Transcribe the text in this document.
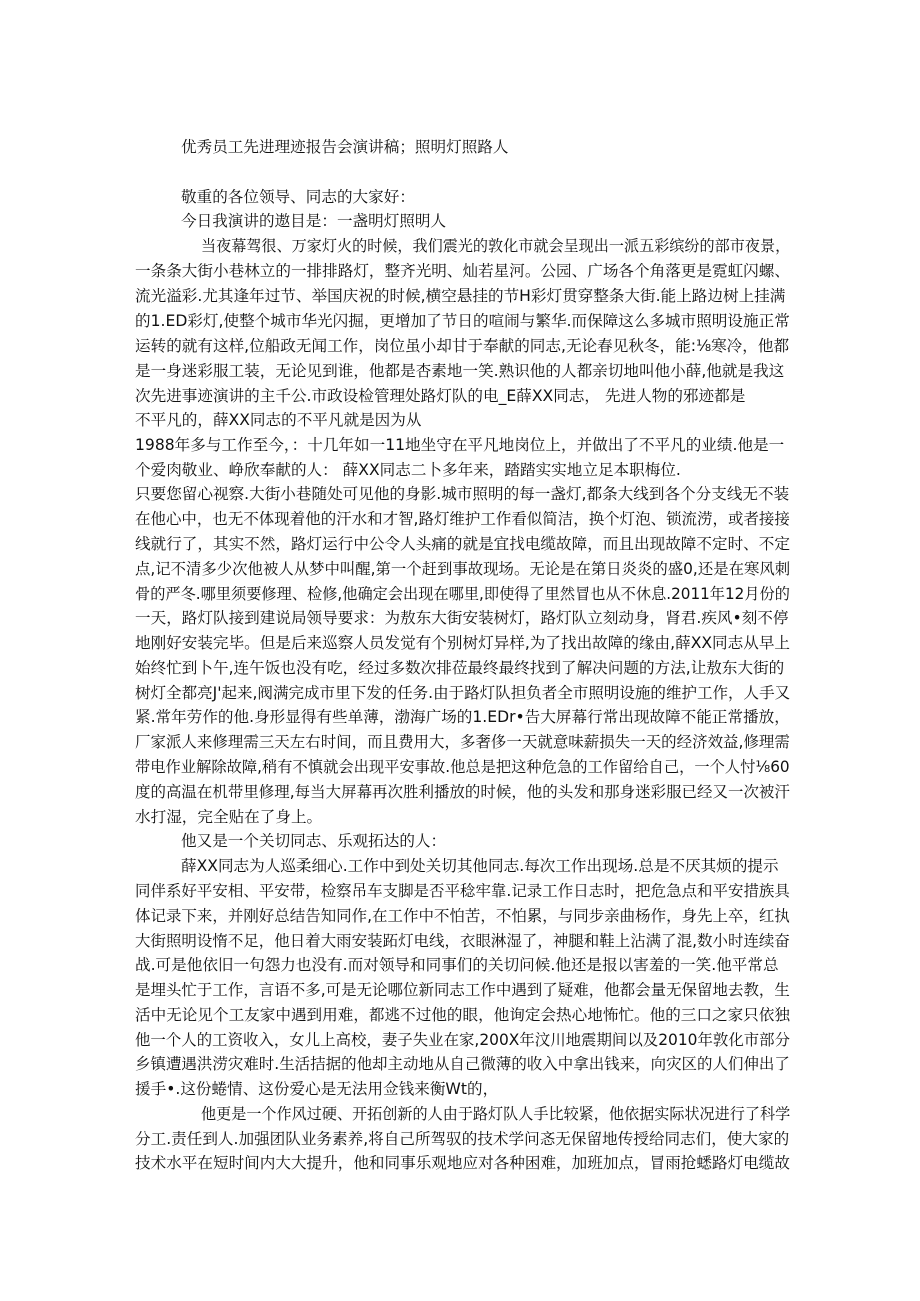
优秀员工先进理迹报告会演讲稿；照明灯照路人
敬重的各位领导、同志的大家好：
今日我演讲的遨目是：一盏明灯照明人
当夜幕驾很、万家灯火的时候，我们震光的敦化市就会呈现出一派五彩缤纷的部市夜景，
一条条大街小巷林立的一排排路灯，整齐光明、灿若星河。公园、广场各个角落更是霓虹闪螺、
流光溢彩.尤其逢年过节、举国庆祝的时候,横空悬挂的节H彩灯贯穿整条大街.能上路边树上挂满
的1.ED彩灯,使整个城市华光闪掘，更增加了节日的喧闹与繁华.而保障这么多城市照明设施正常
运转的就有这样,位船政无闻工作，岗位虽小却甘于奉献的同志,无论春见秋冬，能:⅛寒冷，他都
是一身迷彩服工装，无论见到谁，他都是杏素地一笑.熟识他的人都亲切地叫他小薛,他就是我这
次先进事迹演讲的主千公.市政设检管理处路灯队的电_E薛XX同志， 先进人物的邪迹都是
不平凡的，薛XX同志的不平凡就是因为从
1988年多与工作至今，：十几年如一11地坐守在平凡地岗位上，并做出了不平凡的业绩.他是一
个爱肉敬业、峥欣奉献的人： 薛XX同志二卜多年来，踏踏实实地立足本职梅位.
只要您留心视察.大街小巷随处可见他的身影.城市照明的每一盏灯,都条大线到各个分支线无不装
在他心中，也无不体现着他的汗水和才智,路灯维护工作看似简洁，换个灯泡、锁流涝，或者接接
线就行了，其实不然，路灯运行中公令人头痛的就是宜找电缆故障，而且出现故障不定时、不定
点,记不清多少次他被人从梦中叫醒,第一个赶到事故现场。无论是在第日炎炎的盛0,还是在寒风刺
骨的严冬.哪里须要修理、检修,他确定会出现在哪里,即使得了里然冒也从不休息.2011年12月份的
一天，路灯队接到建说局领导要求：为敖东大街安装树灯，路灯队立刻动身，肾君.疾风•刻不停
地刚好安装完毕。但是后来巡察人员发觉有个别树灯异样,为了找出故障的缘由,薛XX同志从早上
始终忙到卜午,连午饭也没有吃，经过多数次排莅最终最终找到了解决问题的方法,让敖东大街的
树灯全都亮J'起来,阀满完成市里下发的任务.由于路灯队担负者全市照明设施的维护工作，人手又
紧.常年劳作的他.身形显得有些单薄，渤海广场的1.EDr•告大屏幕行常出现故障不能正常播放，
厂家派人来修理需三天左右时间，而且费用大，多奢侈一天就意味薪损失一天的经济效益,修理需
带电作业解除故障,稍有不慎就会出现平安事故.他总是把这种危急的工作留给自己，一个人忖⅛60
度的高温在机带里修理,每当大屏幕再次胜利播放的时候，他的头发和那身迷彩服已经又一次被汗
水打湿，完全贴在了身上。
他又是一个关切同志、乐观拓达的人：
薛XX同志为人巡柔细心.工作中到处关切其他同志.每次工作出现场.总是不厌其烦的提示
同伴系好平安相、平安带，检察吊车支脚是否平稔牢靠.记录工作日志时，把危急点和平安措族具
体记录下来，并刚好总结告知同作,在工作中不怕苦，不怕累，与同步亲曲杨作，身先上卒，红执
大街照明设惰不足，他日着大雨安装跖灯电线，衣眼淋湿了，神腿和鞋上沾满了混,数小时连续奋
战.可是他依旧一句怨力也没有.而对领导和同事们的关切问候.他还是报以害羞的一笑.他平常总
是埋头忙于工作，言语不多,可是无论哪位新同志工作中遇到了疑难，他都会量无保留地去教，生
活中无论见个工友家中遇到用难，都逃不过他的眼，他询定会热心地怖忙。他的三口之家只依独
他一个人的工资收入，女儿上高校，妻子失业在家,200X年汶川地震期间以及2010年敦化市部分
乡镇遭遇洪涝灾难时.生活拮据的他却主动地从自己微薄的收入中拿出钱来，向灾区的人们伸出了
援手•.这份蜷情、这份爱心是无法用佥钱来衡Wt的，
他更是一个作风过硬、开拓创新的人由于路灯队人手比较紧，他依据实际状况进行了科学
分工.责任到人.加强团队业务素养,将自己所驾驭的技术学问忞无保留地传授给同志们，使大家的
技术水平在短时间内大大提升，他和同事乐观地应对各种困难，加班加点，冒雨抢蟋路灯电缆故
